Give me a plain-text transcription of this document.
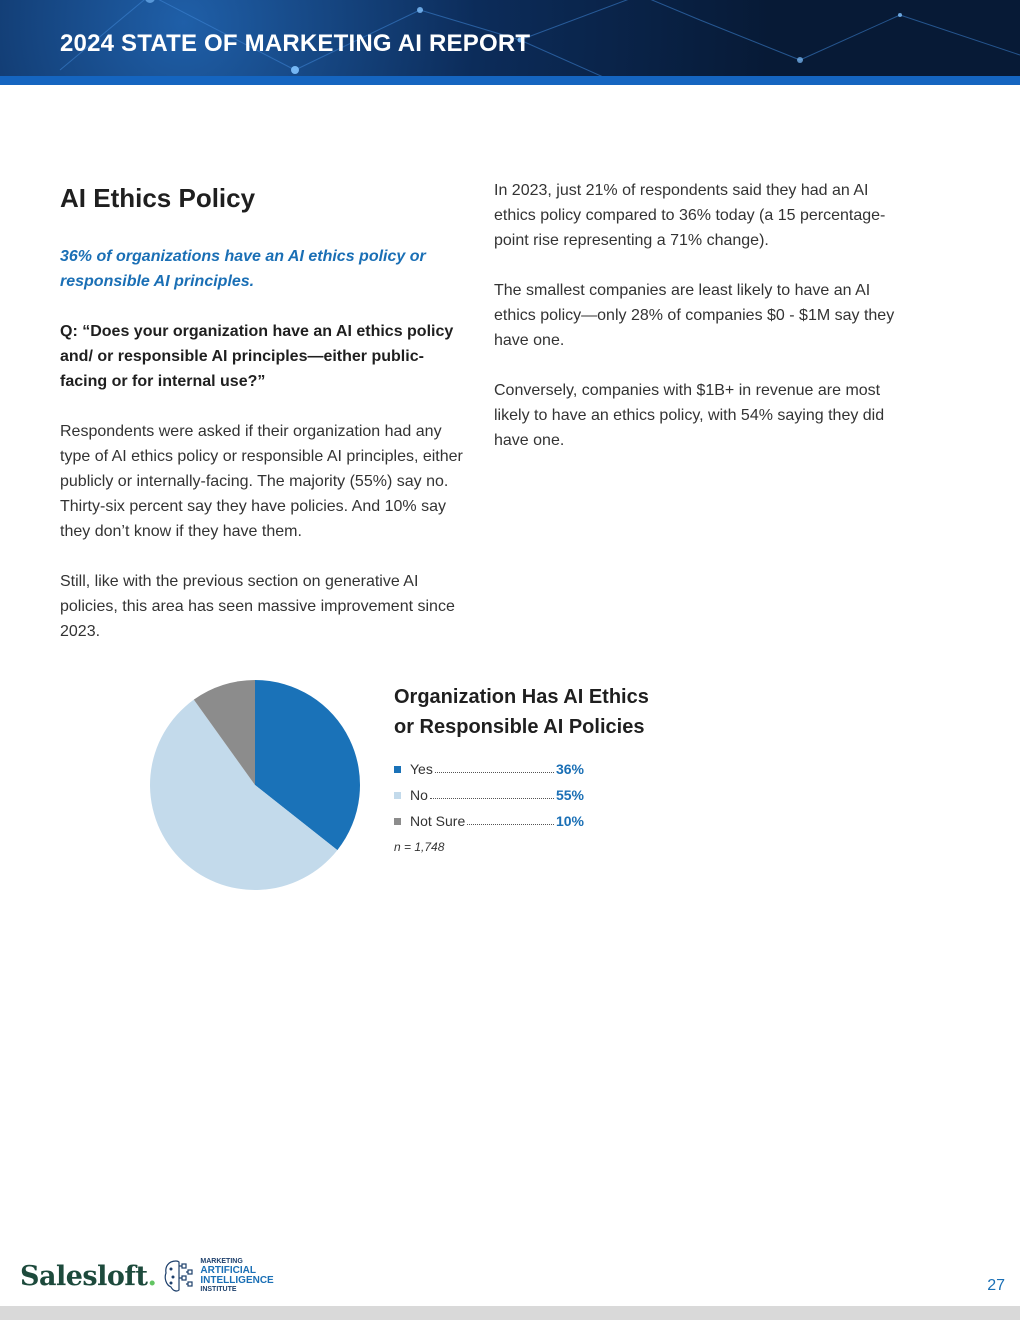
2024 STATE OF MARKETING AI REPORT
AI Ethics Policy

36% of organizations have an AI ethics policy or responsible AI principles.

Q: “Does your organization have an AI ethics policy and/ or responsible AI principles—either public-facing or for internal use?”

Respondents were asked if their organization had any type of AI ethics policy or responsible AI principles, either publicly or internally-facing. The majority (55%) say no. Thirty-six percent say they have policies. And 10% say they don’t know if they have them.

Still, like with the previous section on generative AI policies, this area has seen massive improvement since 2023.

In 2023, just 21% of respondents said they had an AI ethics policy compared to 36% today (a 15 percentage-point rise representing a 71% change).

The smallest companies are least likely to have an AI ethics policy—only 28% of companies $0 - $1M say they have one.

Conversely, companies with $1B+ in revenue are most likely to have an ethics policy, with 54% saying they did have one.

Organization Has AI Ethics
or Responsible AI Policies
Yes	36%
No	55%
Not Sure	10%
n = 1,748
Salesloft.	MARKETING
ARTIFICIAL
INTELLIGENCE
INSTITUTE	27
